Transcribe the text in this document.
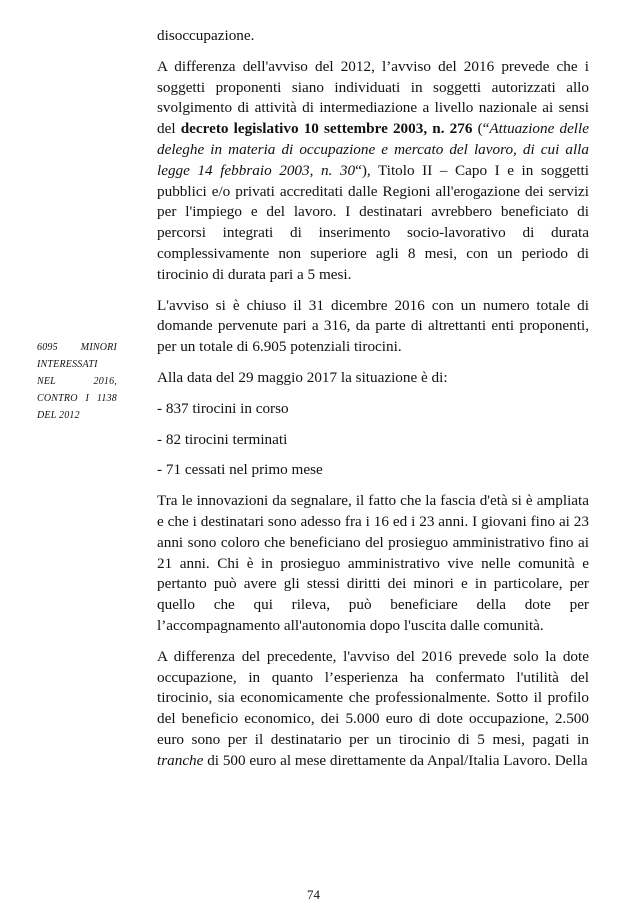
6095 MINORI INTERESSATI NEL 2016, CONTRO I 1138 DEL 2012

disoccupazione.

A differenza dell'avviso del 2012, l’avviso del 2016 prevede che i soggetti proponenti siano individuati in soggetti autorizzati allo svolgimento di attività di intermediazione a livello nazionale ai sensi del decreto legislativo 10 settembre 2003, n. 276 (“Attuazione delle deleghe in materia di occupazione e mercato del lavoro, di cui alla legge 14 febbraio 2003, n. 30“), Titolo II – Capo I e in soggetti pubblici e/o privati accreditati dalle Regioni all'erogazione dei servizi per l'impiego e del lavoro. I destinatari avrebbero beneficiato di percorsi integrati di inserimento socio-lavorativo di durata complessivamente non superiore agli 8 mesi, con un periodo di tirocinio di durata pari a 5 mesi.

L'avviso si è chiuso il 31 dicembre 2016 con un numero totale di domande pervenute pari a 316, da parte di altrettanti enti proponenti, per un totale di 6.905 potenziali tirocini.

Alla data del 29 maggio 2017 la situazione è di:

- 837 tirocini in corso

- 82 tirocini terminati

- 71 cessati nel primo mese

Tra le innovazioni da segnalare, il fatto che la fascia d'età si è ampliata e che i destinatari sono adesso fra i 16 ed i 23 anni. I giovani fino ai 23 anni sono coloro che beneficiano del prosieguo amministrativo fino ai 21 anni. Chi è in prosieguo amministrativo vive nelle comunità e pertanto può avere gli stessi diritti dei minori e in particolare, per quello che qui rileva, può beneficiare della dote per l’accompagnamento all'autonomia dopo l'uscita dalle comunità.

A differenza del precedente, l'avviso del 2016 prevede solo la dote occupazione, in quanto l’esperienza ha confermato l'utilità del tirocinio, sia economicamente che professionalmente. Sotto il profilo del beneficio economico, dei 5.000 euro di dote occupazione, 2.500 euro sono per il destinatario per un tirocinio di 5 mesi, pagati in tranche di 500 euro al mese direttamente da Anpal/Italia Lavoro. Della

74
